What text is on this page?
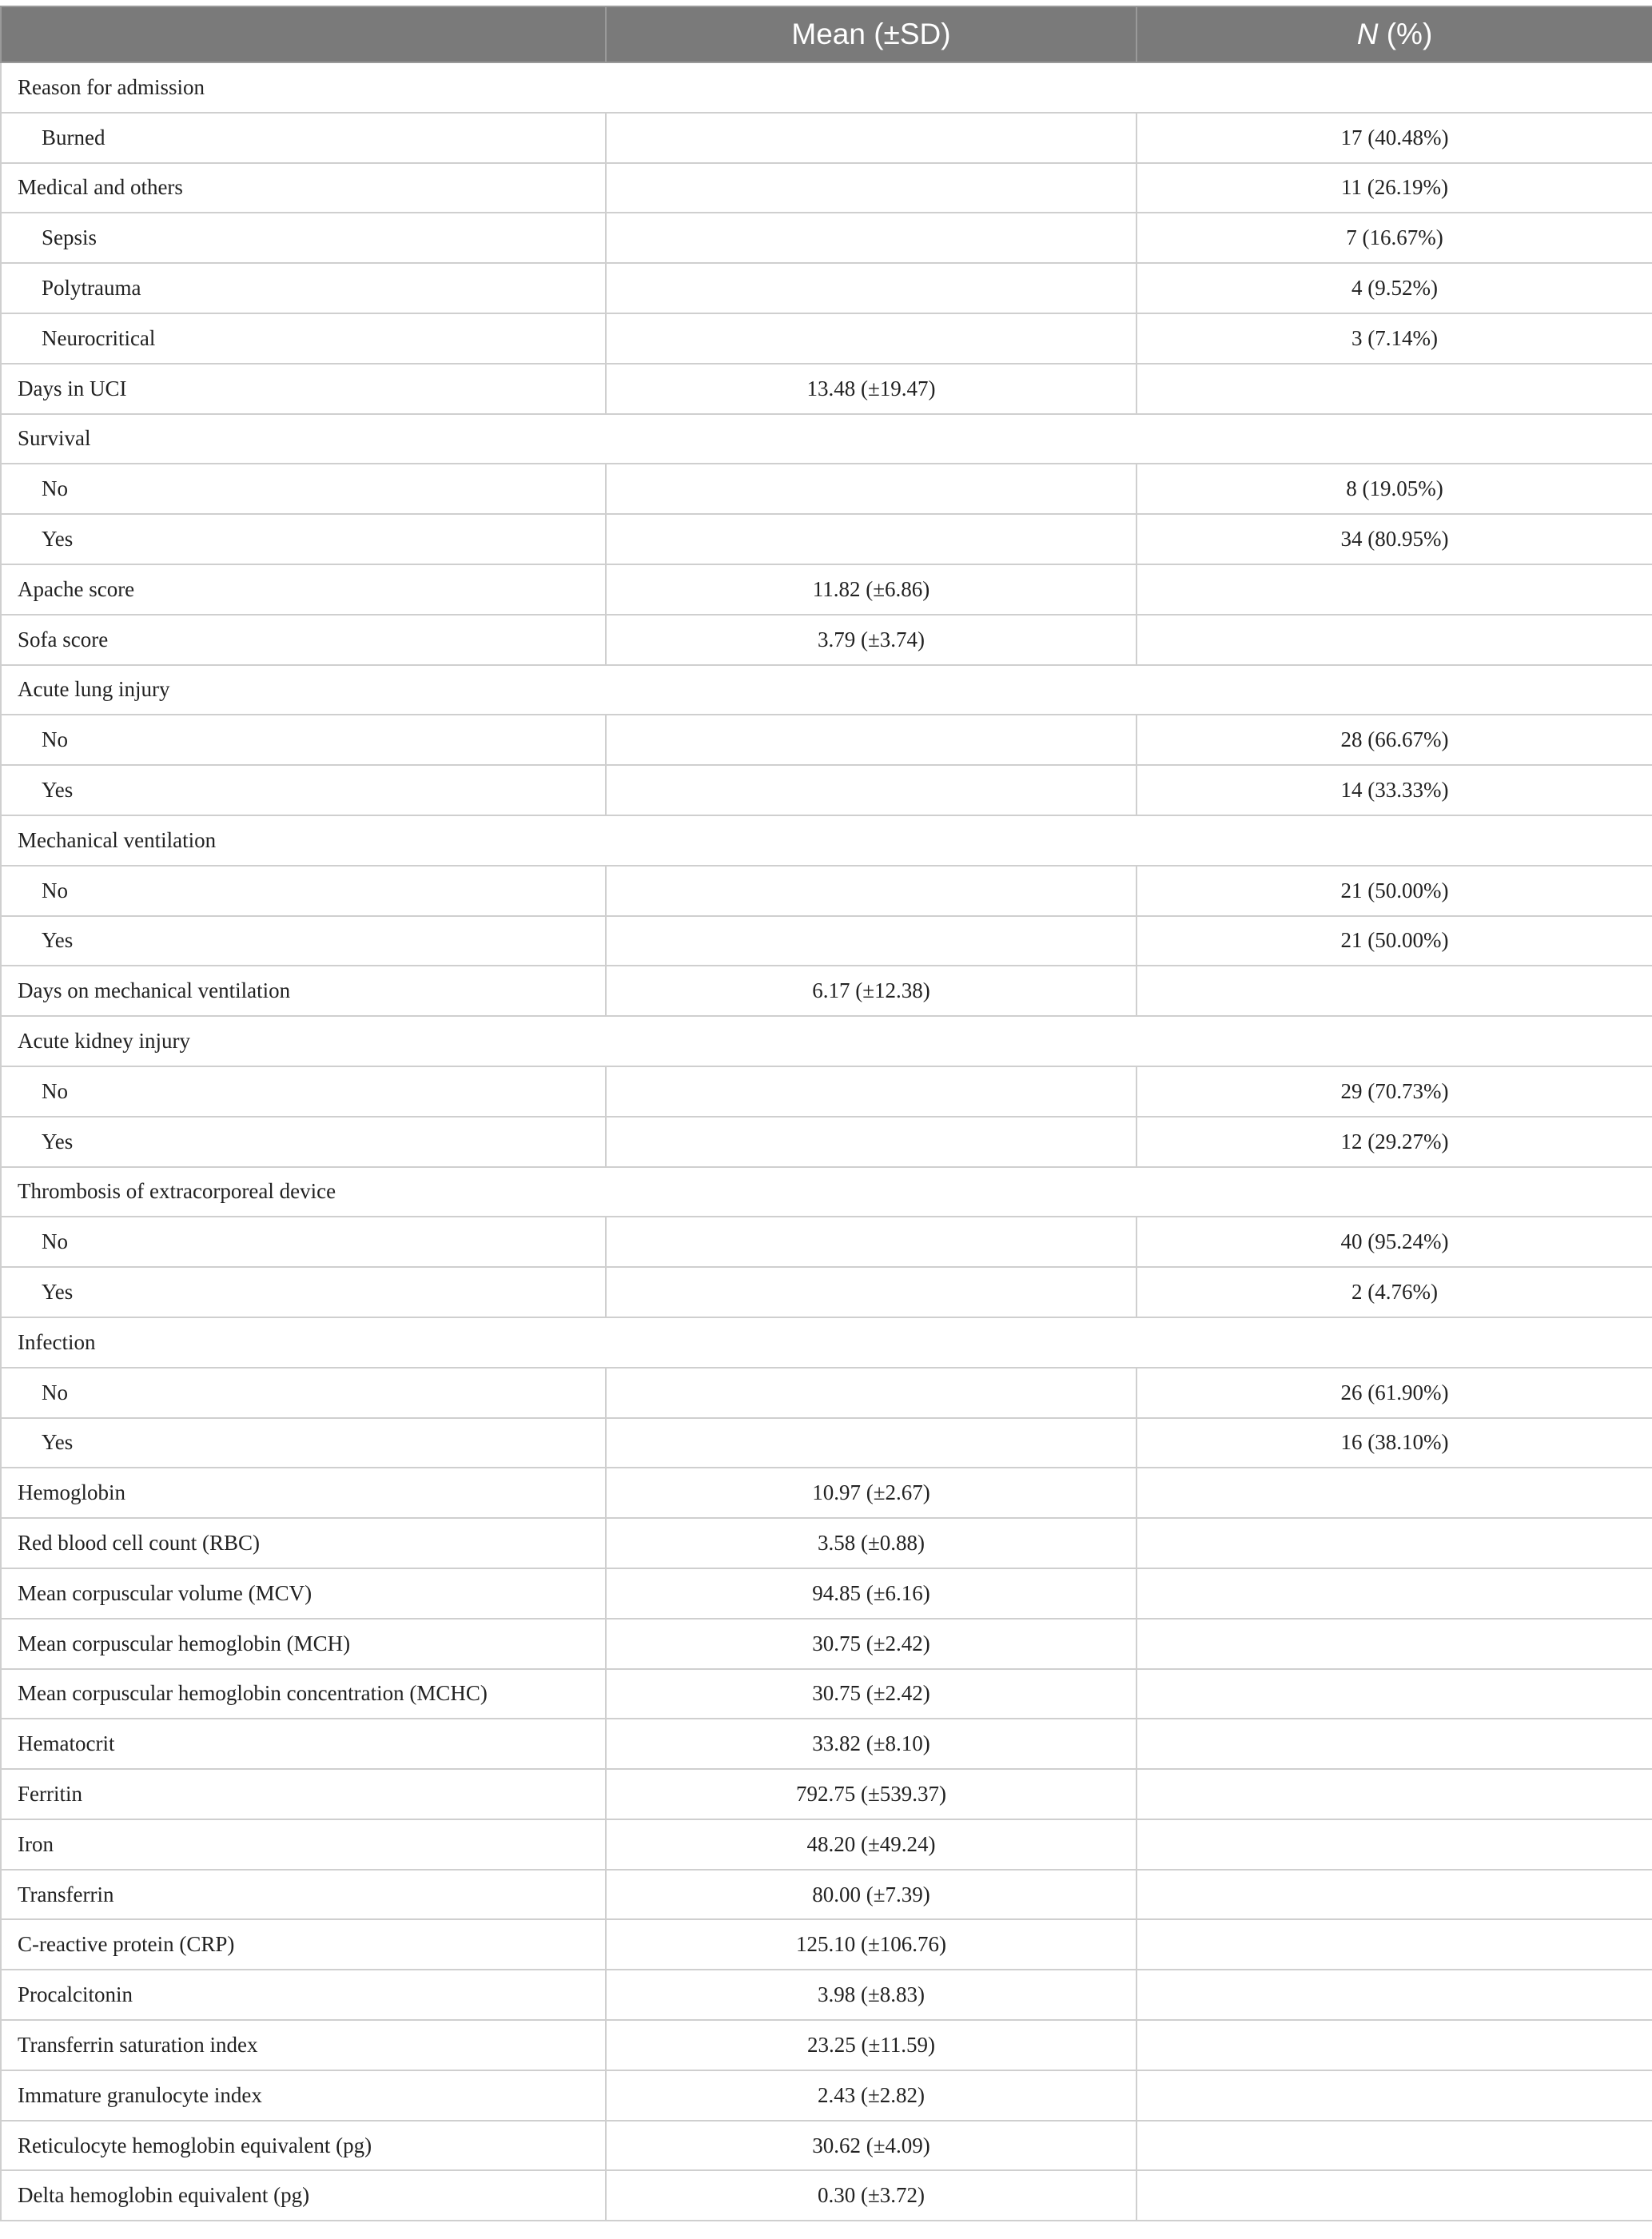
	Mean (±SD)	N (%)
Reason for admission		
Burned		17 (40.48%)
Medical and others		11 (26.19%)
Sepsis		7 (16.67%)
Polytrauma		4 (9.52%)
Neurocritical		3 (7.14%)
Days in UCI	13.48 (±19.47)	
Survival		
No		8 (19.05%)
Yes		34 (80.95%)
Apache score	11.82 (±6.86)	
Sofa score	3.79 (±3.74)	
Acute lung injury		
No		28 (66.67%)
Yes		14 (33.33%)
Mechanical ventilation		
No		21 (50.00%)
Yes		21 (50.00%)
Days on mechanical ventilation	6.17 (±12.38)	
Acute kidney injury		
No		29 (70.73%)
Yes		12 (29.27%)
Thrombosis of extracorporeal device		
No		40 (95.24%)
Yes		2 (4.76%)
Infection		
No		26 (61.90%)
Yes		16 (38.10%)
Hemoglobin	10.97 (±2.67)	
Red blood cell count (RBC)	3.58 (±0.88)	
Mean corpuscular volume (MCV)	94.85 (±6.16)	
Mean corpuscular hemoglobin (MCH)	30.75 (±2.42)	
Mean corpuscular hemoglobin concentration (MCHC)	30.75 (±2.42)	
Hematocrit	33.82 (±8.10)	
Ferritin	792.75 (±539.37)	
Iron	48.20 (±49.24)	
Transferrin	80.00 (±7.39)	
C-reactive protein (CRP)	125.10 (±106.76)	
Procalcitonin	3.98 (±8.83)	
Transferrin saturation index	23.25 (±11.59)	
Immature granulocyte index	2.43 (±2.82)	
Reticulocyte hemoglobin equivalent (pg)	30.62 (±4.09)	
Delta hemoglobin equivalent (pg)	0.30 (±3.72)	
